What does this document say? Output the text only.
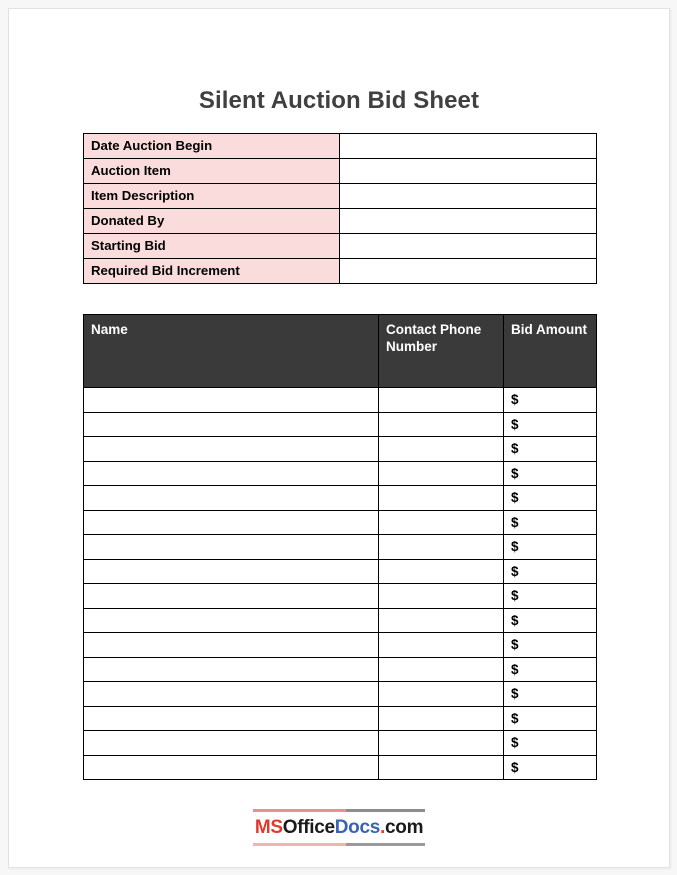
Silent Auction Bid Sheet
Date Auction Begin	
Auction Item	
Item Description	
Donated By	
Starting Bid	
Required Bid Increment	
Name	Contact Phone Number	Bid Amount
		$
		$
		$
		$
		$
		$
		$
		$
		$
		$
		$
		$
		$
		$
		$
		$
MSOfficeDocs.com
